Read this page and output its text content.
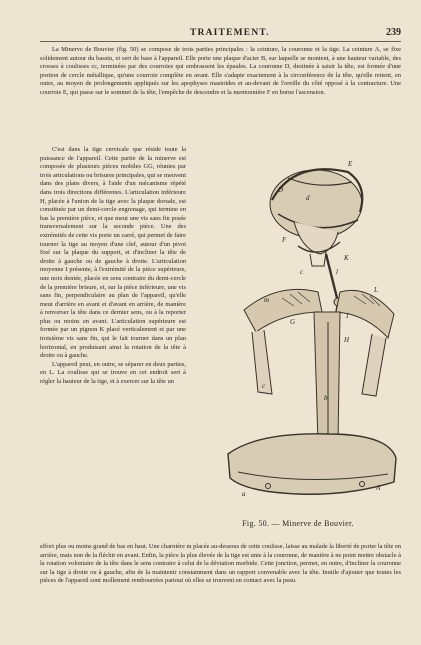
TRAITEMENT.	239

La Minerve de Bouvier (fig. 50) se compose de trois parties principales : la ceinture, la couronne et la tige. La ceinture A, se fixe solidement autour du bassin, et sert de base à l'appareil. Elle porte une plaque d'acier B, sur laquelle se montent, à une hauteur variable, des crosses à coulisses cc, terminées par des courroies qui embrassent les épaules. La couronne D, destinée à saisir la tête, est formée d'une portion de cercle métallique, qu'une courroie complète en avant. Elle s'adapte exactement à la circonférence de la tête, qu'elle retient, en outre, au moyen de prolongements appliqués sur les apophyses mastoïdes et au-devant de l'oreille du côté opposé à la contracture. Une courroie E, qui passe sur le sommet de la tête, l'empêche de descendre et la mentonnière F en borne l'ascension.

C'est dans la tige cervicale que réside toute la puissance de l'appareil. Cette partie de la minerve est composée de plusieurs pièces mobiles GG, réunies par trois articulations ou brisures principales, qui se meuvent dans des plans divers, à l'aide d'un mécanisme répété dans trois directions différentes. L'articulation inférieure H, placée à l'union de la tige avec la plaque dorsale, est constituée par un demi-cercle engrenage, qui termine en bas la première pièce, et que meut une vis sans fin posée transversalement sur la seconde pièce. Une des extrémités de cette vis porte un carré, qui permet de faire tourner la tige au moyen d'une clef, autour d'un pivot fixé sur la plaque du support, et d'incliner la tête de droite à gauche ou de gauche à droite. L'articulation moyenne I présente, à l'extrémité de la pièce supérieure, une noix dentée, placée en sens contraire du demi-cercle de la première brisure, et, sur la pièce inférieure, une vis sans fin, perpendiculaire au plan de l'appareil, qu'elle meut d'arrière en avant et d'avant en arrière, de manière à renverser la tête dans ce dernier sens, ou à la reporter plus ou moins en avant. L'articulation supérieure est formée par un pignon K placé verticalement et par une troisième vis sans fin, qui le fait tourner dans un plan horizontal, en produisant ainsi la rotation de la tête à droite ou à gauche.

L'appareil peut, en outre, se séparer en deux parties, en L. La coulisse qui se trouve en cet endroit sert à régler la hauteur de la tige, et à exercer sur la tête un

D
d
E
F
K
c	l
m
L
I
G
H
b
a
A
c
Fig. 50. — Minerve de Bouvier.

effort plus ou moins grand de bas en haut. Une charnière m placée au-dessous de cette coulisse, laisse au malade la liberté de porter la tête en arrière, mais non de la fléchir en avant. Enfin, la pièce la plus élevée de la tige est unie à la couronne, de manière à ne point mettre obstacle à la rotation volontaire de la tête dans le sens contraire à celui de la déviation morbide. Cette jonction, permet, en outre, d'incliner la couronne sur la tige à droite ou à gauche, afin de la maintenir constamment dans un rapport convenable avec la tête. Inutile d'ajouter que toutes les pièces de l'appareil sont mollement rembourrées partout où elles se trouvent en contact avec la peau.
